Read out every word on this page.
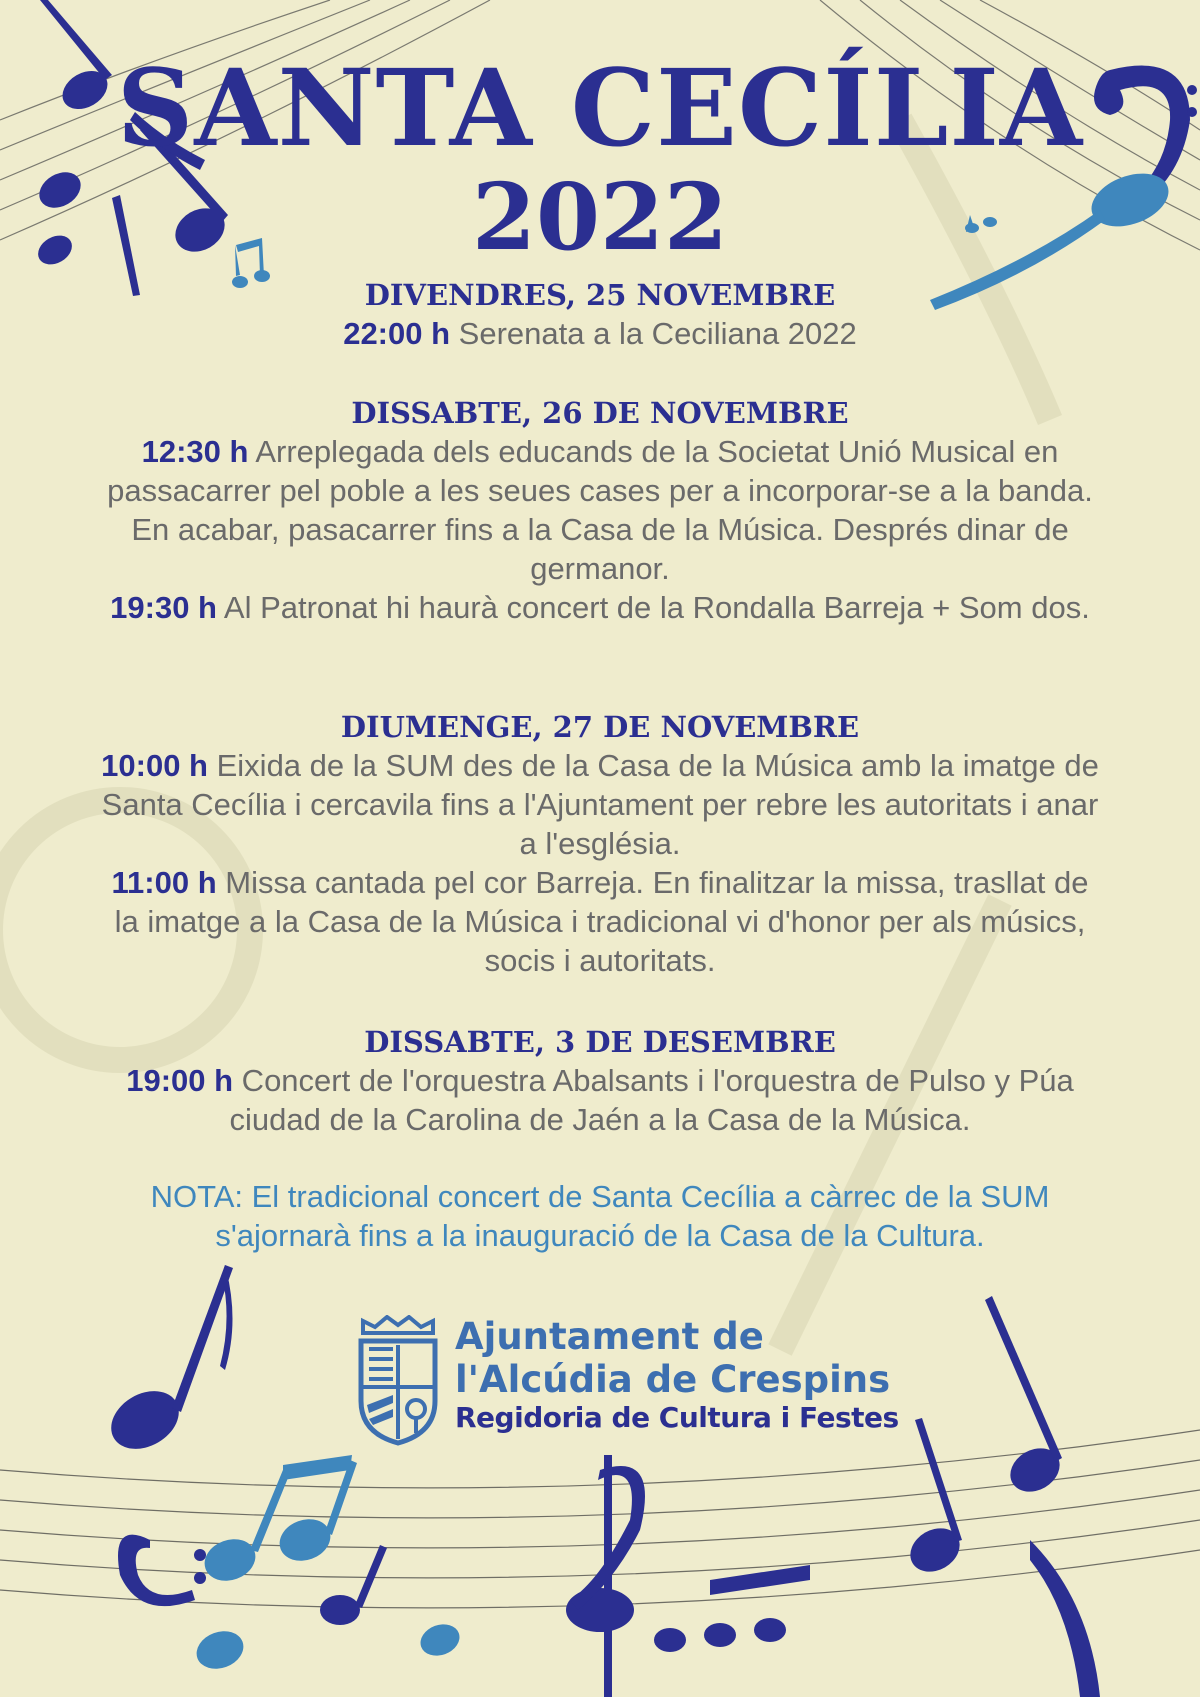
SANTA CECÍLIA
2022

DIVENDRES, 25 NOVEMBRE

22:00 h Serenata a la Ceciliana 2022

DISSABTE, 26 DE NOVEMBRE

12:30 h Arreplegada dels educands de la Societat Unió Musical en passacarrer pel poble a les seues cases per a incorporar-se a la banda. En acabar, pasacarrer fins a la Casa de la Música. Després dinar de germanor.

19:30 h Al Patronat hi haurà concert de la Rondalla Barreja + Som dos.

DIUMENGE, 27 DE NOVEMBRE

10:00 h Eixida de la SUM des de la Casa de la Música amb la imatge de Santa Cecília i cercavila fins a l'Ajuntament per rebre les autoritats i anar a l'església.

11:00 h Missa cantada pel cor Barreja. En finalitzar la missa, trasllat de la imatge a la Casa de la Música i tradicional vi d'honor per als músics, socis i autoritats.

DISSABTE, 3 DE DESEMBRE

19:00 h Concert de l'orquestra Abalsants i l'orquestra de Pulso y Púa ciudad de la Carolina de Jaén a la Casa de la Música.

NOTA: El tradicional concert de Santa Cecília a càrrec de la SUM s'ajornarà fins a la inauguració de la Casa de la Cultura.

Ajuntament de

l'Alcúdia de Crespins

Regidoria de Cultura i Festes
